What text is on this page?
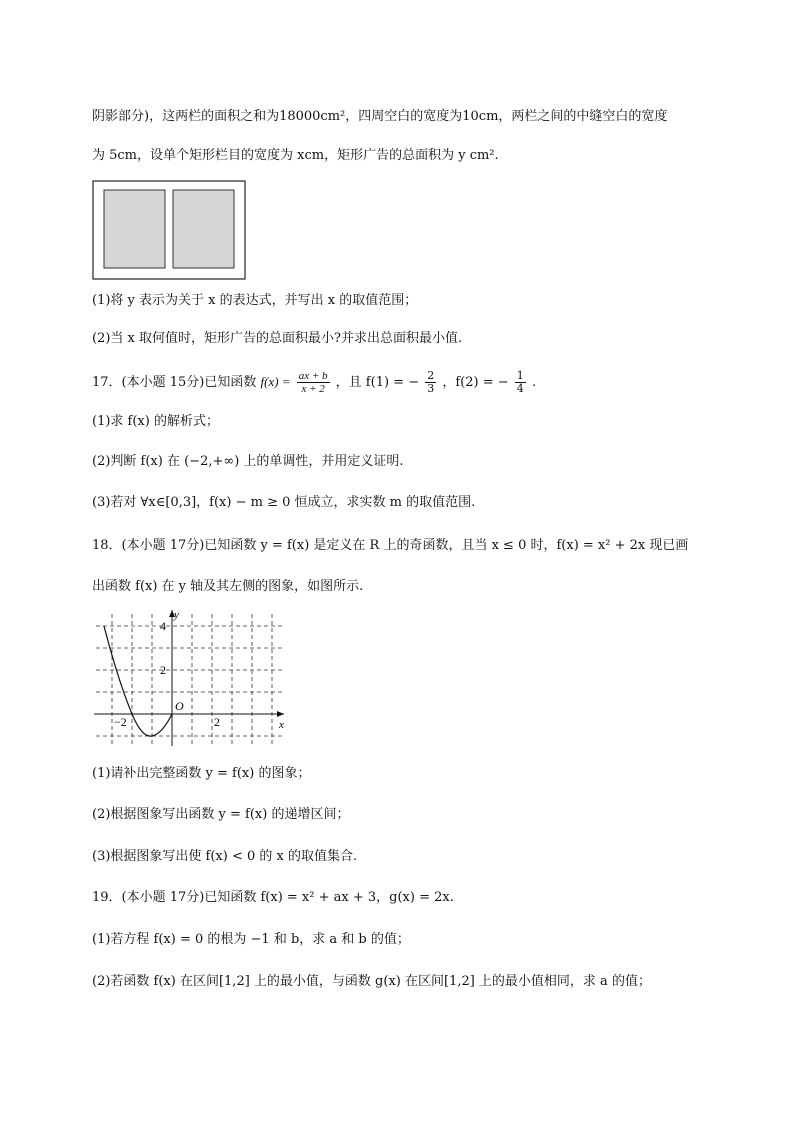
阴影部分)，这两栏的面积之和为18000cm²，四周空白的宽度为10cm，两栏之间的中缝空白的宽度
为 5cm，设单个矩形栏目的宽度为 xcm，矩形广告的总面积为 y cm².
(1)将 y 表示为关于 x 的表达式，并写出 x 的取值范围；
(2)当 x 取何值时，矩形广告的总面积最小?并求出总面积最小值.
17．(本小题 15分)已知函数 $f(x) = \frac{ax + b}{x + 2}$ ，且 f(1) = − $\frac{2}{3}$ ，f(2) = − $\frac{1}{4}$ .
(1)求 f(x) 的解析式；
(2)判断 f(x) 在 (−2,+∞) 上的单调性，并用定义证明.
(3)若对 ∀x∈[0,3]，f(x) − m ≥ 0 恒成立，求实数 m 的取值范围.
18．(本小题 17分)已知函数 y = f(x) 是定义在 R 上的奇函数，且当 x ≤ 0 时，f(x) = x² + 2x 现已画
出函数 f(x) 在 y 轴及其左侧的图象，如图所示.
y
x
O
4
2
−2	2
(1)请补出完整函数 y = f(x) 的图象；
(2)根据图象写出函数 y = f(x) 的递增区间；
(3)根据图象写出使 f(x) < 0 的 x 的取值集合.
19．(本小题 17分)已知函数 f(x) = x² + ax + 3，g(x) = 2x.
(1)若方程 f(x) = 0 的根为 −1 和 b，求 a 和 b 的值；
(2)若函数 f(x) 在区间[1,2] 上的最小值，与函数 g(x) 在区间[1,2] 上的最小值相同，求 a 的值；
